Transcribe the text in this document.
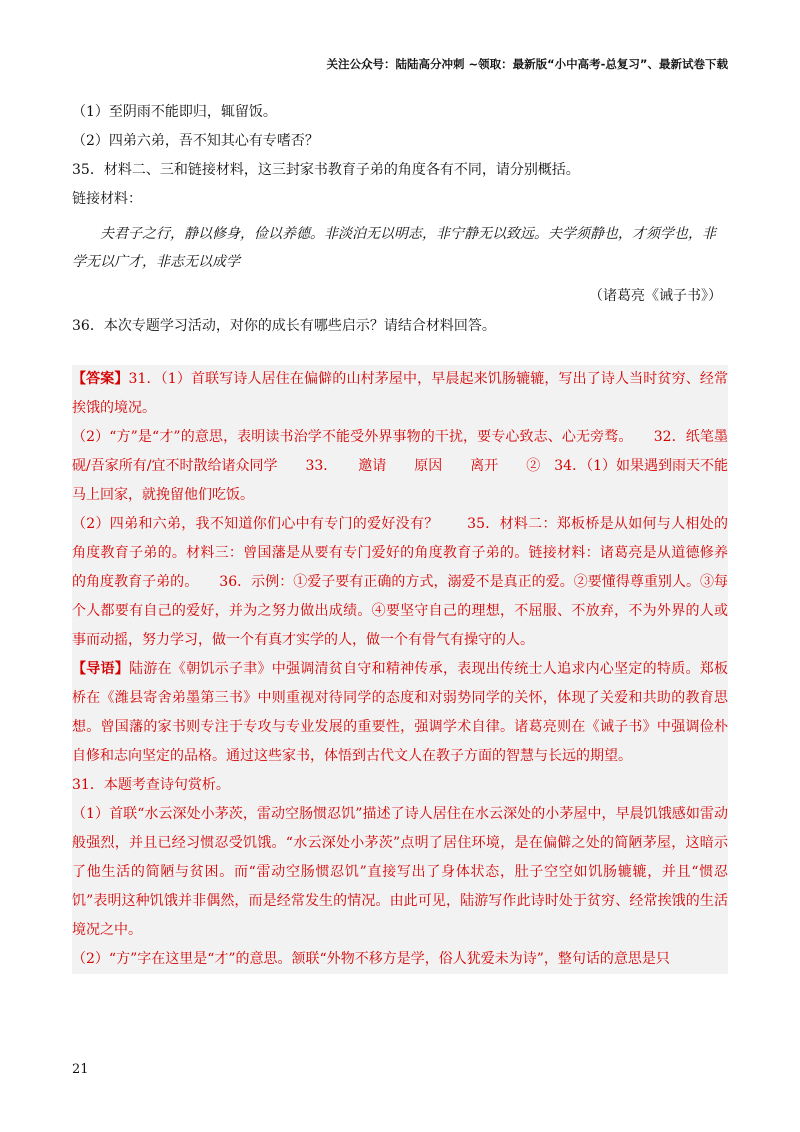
关注公众号：陆陆高分冲刺 ~领取：最新版“小中高考-总复习”、最新试卷下载
（1）至阴雨不能即归，辄留饭。
（2）四弟六弟，吾不知其心有专嗜否？
35．材料二、三和链接材料，这三封家书教育子弟的角度各有不同，请分别概括。
链接材料：
夫君子之行，静以修身，俭以养德。非淡泊无以明志，非宁静无以致远。夫学须静也，才须学也，非学无以广才，非志无以成学
（诸葛亮《诫子书》）
36．本次专题学习活动，对你的成长有哪些启示？请结合材料回答。

【答案】31．（1）首联写诗人居住在偏僻的山村茅屋中，早晨起来饥肠辘辘，写出了诗人当时贫穷、经常挨饿的境况。

（2）“方”是“才”的意思，表明读书治学不能受外界事物的干扰，要专心致志、心无旁骛。　　32．纸笔墨砚/吾家所有/宜不时散给诸众同学　　33．　　邀请　　原因　　离开　　②　34．（1）如果遇到雨天不能马上回家，就挽留他们吃饭。

（2）四弟和六弟，我不知道你们心中有专门的爱好没有？　　35．材料二：郑板桥是从如何与人相处的角度教育子弟的。材料三：曾国藩是从要有专门爱好的角度教育子弟的。链接材料：诸葛亮是从道德修养的角度教育子弟的。　　36．示例：①爱子要有正确的方式，溺爱不是真正的爱。②要懂得尊重别人。③每个人都要有自己的爱好，并为之努力做出成绩。④要坚守自己的理想，不屈服、不放弃，不为外界的人或事而动摇，努力学习，做一个有真才实学的人，做一个有骨气有操守的人。

【导语】陆游在《朝饥示子聿》中强调清贫自守和精神传承，表现出传统士人追求内心坚定的特质。郑板桥在《潍县寄舍弟墨第三书》中则重视对待同学的态度和对弱势同学的关怀，体现了关爱和共助的教育思想。曾国藩的家书则专注于专攻与专业发展的重要性，强调学术自律。诸葛亮则在《诫子书》中强调俭朴自修和志向坚定的品格。通过这些家书，体悟到古代文人在教子方面的智慧与长远的期望。

31．本题考查诗句赏析。

（1）首联“水云深处小茅茨，雷动空肠惯忍饥”描述了诗人居住在水云深处的小茅屋中，早晨饥饿感如雷动般强烈，并且已经习惯忍受饥饿。“水云深处小茅茨”点明了居住环境，是在偏僻之处的简陋茅屋，这暗示了他生活的简陋与贫困。而“雷动空肠惯忍饥”直接写出了身体状态，肚子空空如饥肠辘辘，并且“惯忍饥”表明这种饥饿并非偶然，而是经常发生的情况。由此可见，陆游写作此诗时处于贫穷、经常挨饿的生活境况之中。

（2）“方”字在这里是“才”的意思。颔联“外物不移方是学，俗人犹爱未为诗”，整句话的意思是只

21
